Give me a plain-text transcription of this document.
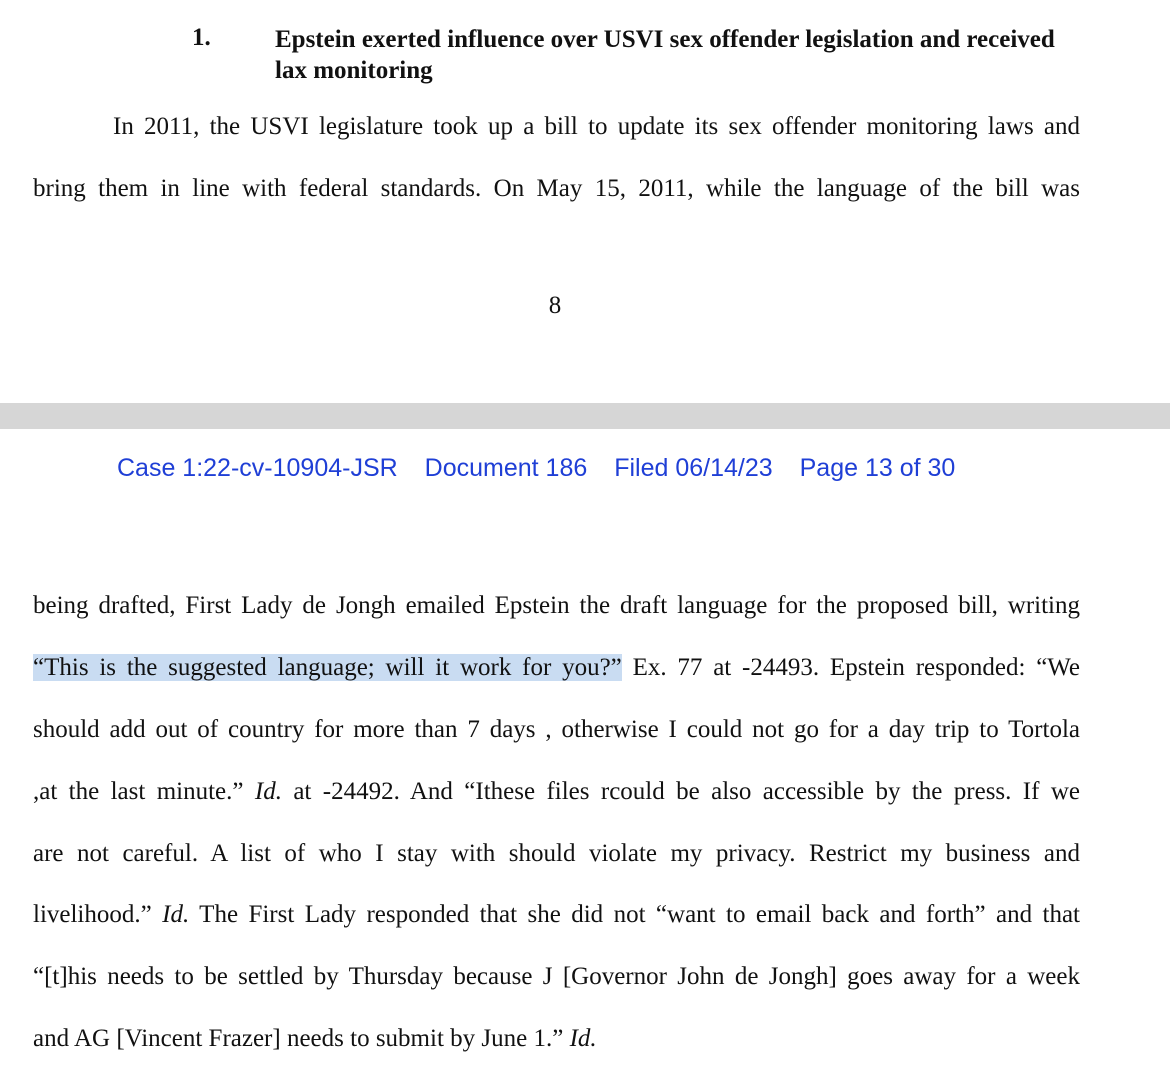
1.	Epstein exerted influence over USVI sex offender legislation and received lax monitoring
In 2011, the USVI legislature took up a bill to update its sex offender monitoring laws and
bring them in line with federal standards. On May 15, 2011, while the language of the bill was
8
Case 1:22-cv-10904-JSR Document 186 Filed 06/14/23 Page 13 of 30
being drafted, First Lady de Jongh emailed Epstein the draft language for the proposed bill, writing
“This is the suggested language; will it work for you?” Ex. 77 at -24493. Epstein responded: “We
should add out of country for more than 7 days , otherwise I could not go for a day trip to Tortola
,at the last minute.” Id. at -24492. And “Ithese files rcould be also accessible by the press. If we
are not careful. A list of who I stay with should violate my privacy. Restrict my business and
livelihood.” Id. The First Lady responded that she did not “want to email back and forth” and that
“[t]his needs to be settled by Thursday because J [Governor John de Jongh] goes away for a week
and AG [Vincent Frazer] needs to submit by June 1.” Id.
